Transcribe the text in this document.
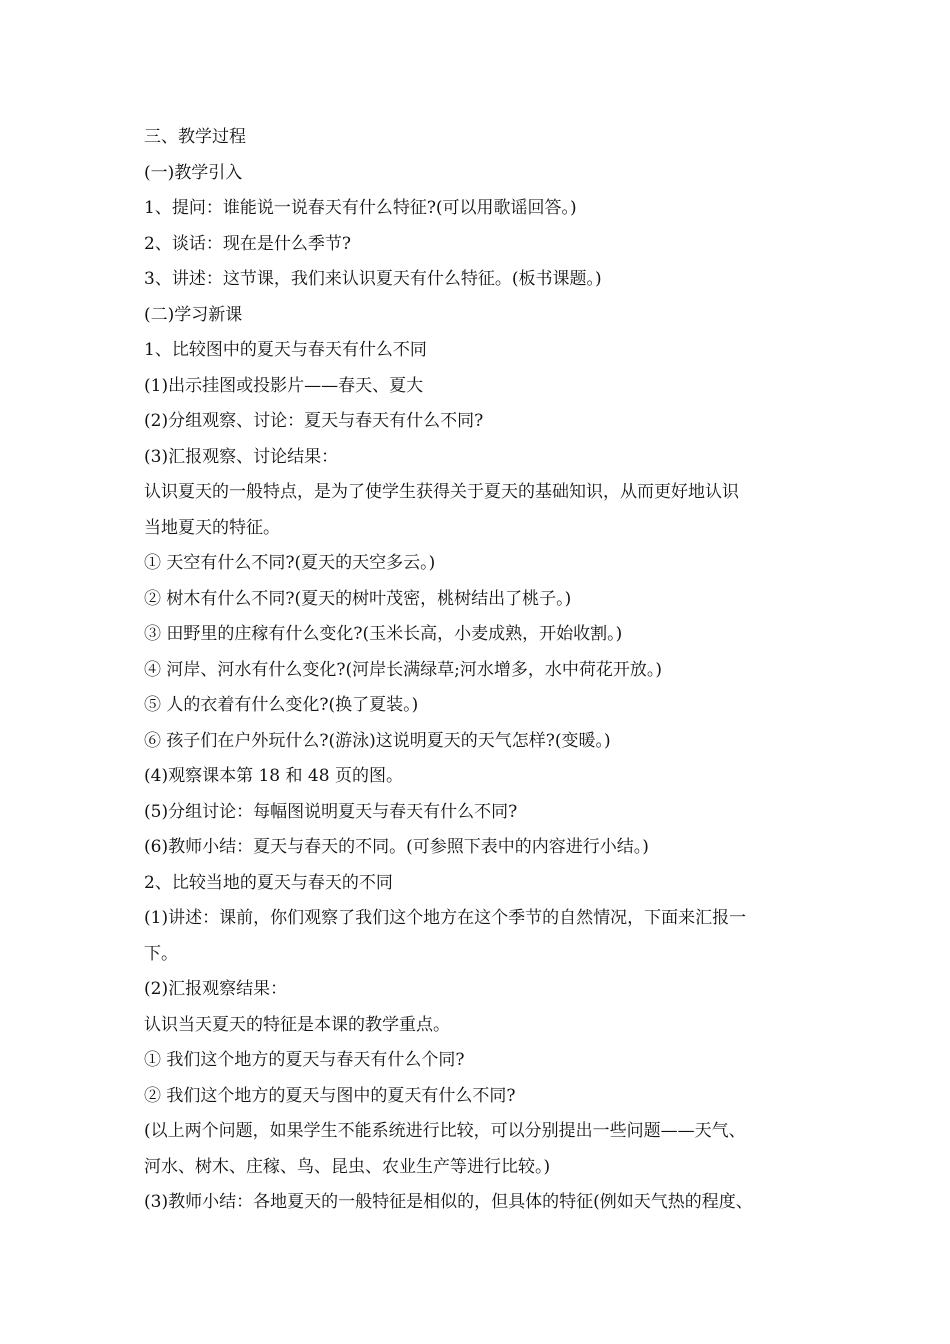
三、教学过程
(一)教学引入
1、提问：谁能说一说春天有什么特征?(可以用歌谣回答。)
2、谈话：现在是什么季节?
3、讲述：这节课，我们来认识夏天有什么特征。(板书课题。)
(二)学习新课
1、比较图中的夏天与春天有什么不同
(1)出示挂图或投影片——春天、夏大
(2)分组观察、讨论：夏天与春天有什么不同?
(3)汇报观察、讨论结果：
认识夏天的一般特点，是为了使学生获得关于夏天的基础知识，从而更好地认识
当地夏天的特征。
① 天空有什么不同?(夏天的天空多云。)
② 树木有什么不同?(夏天的树叶茂密，桃树结出了桃子。)
③ 田野里的庄稼有什么变化?(玉米长高，小麦成熟，开始收割。)
④ 河岸、河水有什么变化?(河岸长满绿草;河水增多，水中荷花开放。)
⑤ 人的衣着有什么变化?(换了夏装。)
⑥ 孩子们在户外玩什么?(游泳)这说明夏天的天气怎样?(变暖。)
(4)观察课本第 18 和 48 页的图。
(5)分组讨论：每幅图说明夏天与春天有什么不同?
(6)教师小结：夏天与春天的不同。(可参照下表中的内容进行小结。)
2、比较当地的夏天与春天的不同
(1)讲述：课前，你们观察了我们这个地方在这个季节的自然情况，下面来汇报一
下。
(2)汇报观察结果：
认识当天夏天的特征是本课的教学重点。
① 我们这个地方的夏天与春天有什么个同?
② 我们这个地方的夏天与图中的夏天有什么不同?
(以上两个问题，如果学生不能系统进行比较，可以分别提出一些问题——天气、
河水、树木、庄稼、鸟、昆虫、农业生产等进行比较。)
(3)教师小结：各地夏天的一般特征是相似的，但具体的特征(例如天气热的程度、
